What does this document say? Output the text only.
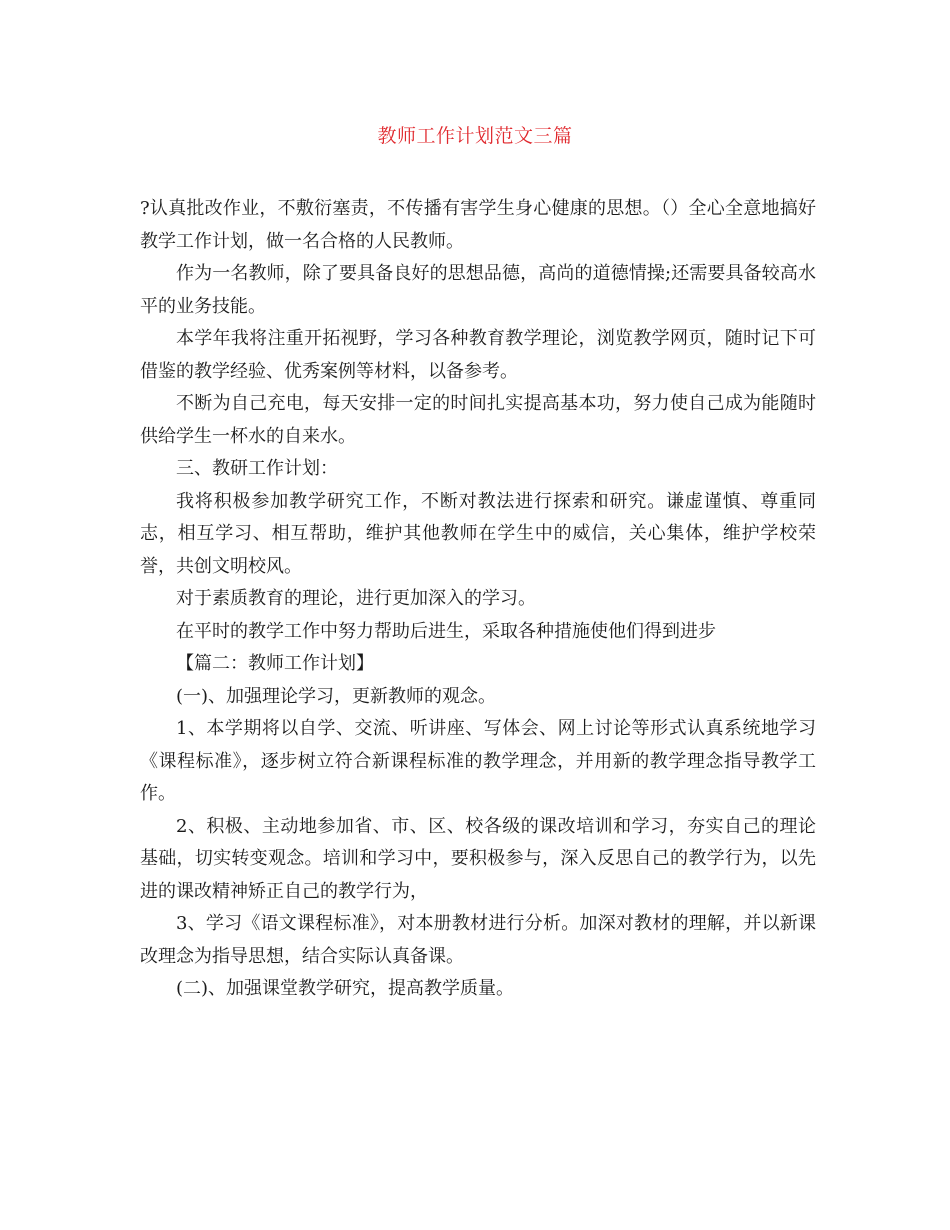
教师工作计划范文三篇

?认真批改作业，不敷衍塞责，不传播有害学生身心健康的思想。（）全心全意地搞好教学工作计划，做一名合格的人民教师。

作为一名教师，除了要具备良好的思想品德，高尚的道德情操;还需要具备较高水平的业务技能。

本学年我将注重开拓视野，学习各种教育教学理论，浏览教学网页，随时记下可借鉴的教学经验、优秀案例等材料，以备参考。

不断为自己充电，每天安排一定的时间扎实提高基本功，努力使自己成为能随时供给学生一杯水的自来水。

三、教研工作计划：

我将积极参加教学研究工作，不断对教法进行探索和研究。谦虚谨慎、尊重同志，相互学习、相互帮助，维护其他教师在学生中的威信，关心集体，维护学校荣誉，共创文明校风。

对于素质教育的理论，进行更加深入的学习。

在平时的教学工作中努力帮助后进生，采取各种措施使他们得到进步

【篇二：教师工作计划】

(一)、加强理论学习，更新教师的观念。

1、本学期将以自学、交流、听讲座、写体会、网上讨论等形式认真系统地学习《课程标准》，逐步树立符合新课程标准的教学理念，并用新的教学理念指导教学工作。

2、积极、主动地参加省、市、区、校各级的课改培训和学习，夯实自己的理论基础，切实转变观念。培训和学习中，要积极参与，深入反思自己的教学行为，以先进的课改精神矫正自己的教学行为，

3、学习《语文课程标准》，对本册教材进行分析。加深对教材的理解，并以新课改理念为指导思想，结合实际认真备课。

(二)、加强课堂教学研究，提高教学质量。
